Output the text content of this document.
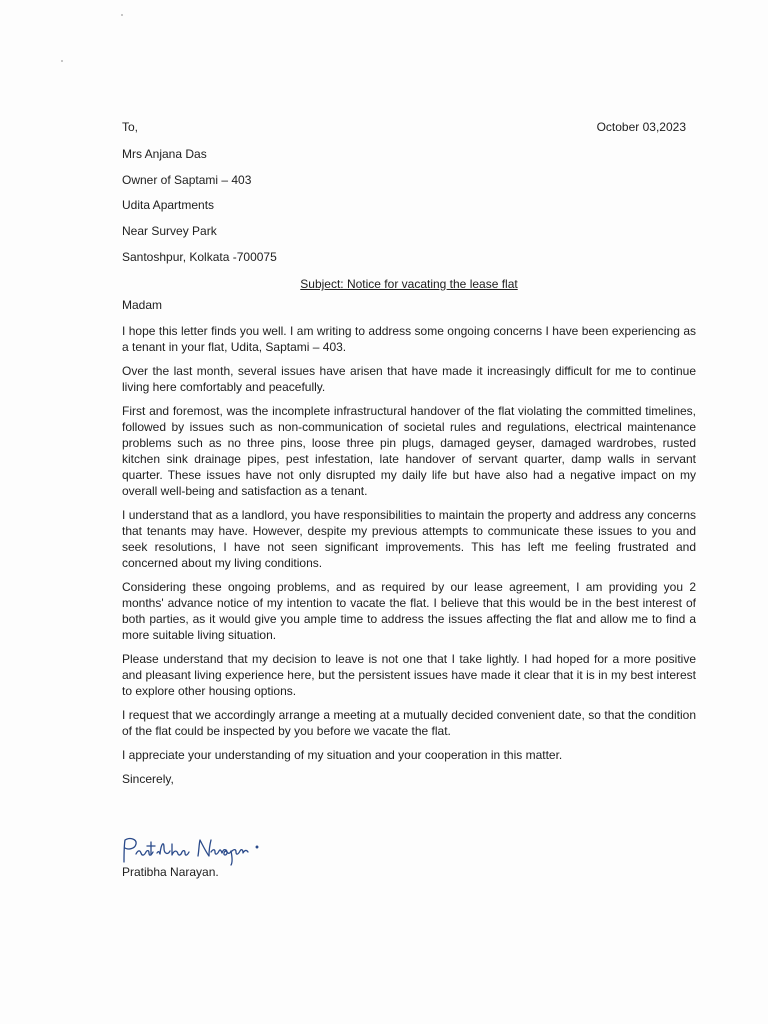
To,	October 03,2023
Mrs Anjana Das
Owner of Saptami – 403
Udita Apartments
Near Survey Park
Santoshpur, Kolkata -700075
Subject: Notice for vacating the lease flat

Madam

I hope this letter finds you well. I am writing to address some ongoing concerns I have been experiencing as a tenant in your flat, Udita, Saptami – 403.

Over the last month, several issues have arisen that have made it increasingly difficult for me to continue living here comfortably and peacefully.

First and foremost, was the incomplete infrastructural handover of the flat violating the committed timelines, followed by issues such as non-communication of societal rules and regulations, electrical maintenance problems such as no three pins, loose three pin plugs, damaged geyser, damaged wardrobes, rusted kitchen sink drainage pipes, pest infestation, late handover of servant quarter, damp walls in servant quarter. These issues have not only disrupted my daily life but have also had a negative impact on my overall well-being and satisfaction as a tenant.

I understand that as a landlord, you have responsibilities to maintain the property and address any concerns that tenants may have. However, despite my previous attempts to communicate these issues to you and seek resolutions, I have not seen significant improvements. This has left me feeling frustrated and concerned about my living conditions.

Considering these ongoing problems, and as required by our lease agreement, I am providing you 2 months' advance notice of my intention to vacate the flat. I believe that this would be in the best interest of both parties, as it would give you ample time to address the issues affecting the flat and allow me to find a more suitable living situation.

Please understand that my decision to leave is not one that I take lightly. I had hoped for a more positive and pleasant living experience here, but the persistent issues have made it clear that it is in my best interest to explore other housing options.

I request that we accordingly arrange a meeting at a mutually decided convenient date, so that the condition of the flat could be inspected by you before we vacate the flat.

I appreciate your understanding of my situation and your cooperation in this matter.

Sincerely,

Pratibha Narayan.
